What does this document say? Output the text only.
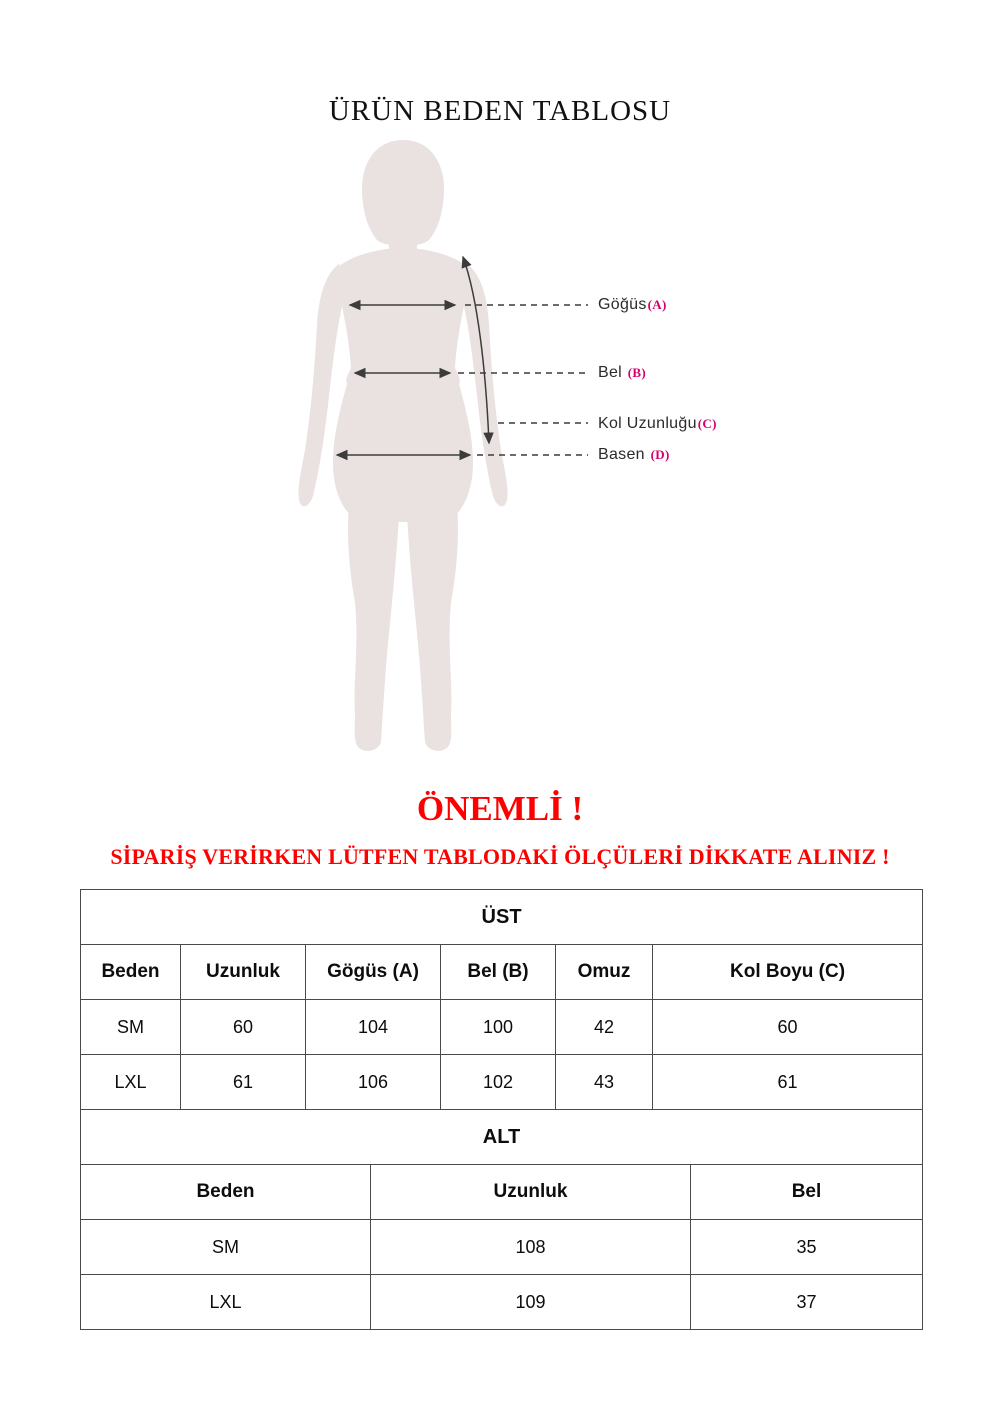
ÜRÜN BEDEN TABLOSU
Göğüs(A)
Bel (B)
Kol Uzunluğu(C)
Basen (D)
ÖNEMLİ !
SİPARİŞ VERİRKEN LÜTFEN TABLODAKİ ÖLÇÜLERİ DİKKATE ALINIZ !
ÜST					
Beden	Uzunluk	Gögüs (A)	Bel (B)	Omuz	Kol Boyu (C)
SM	60	104	100	42	60
LXL	61	106	102	43	61
ALT		
Beden	Uzunluk	Bel
SM	108	35
LXL	109	37
